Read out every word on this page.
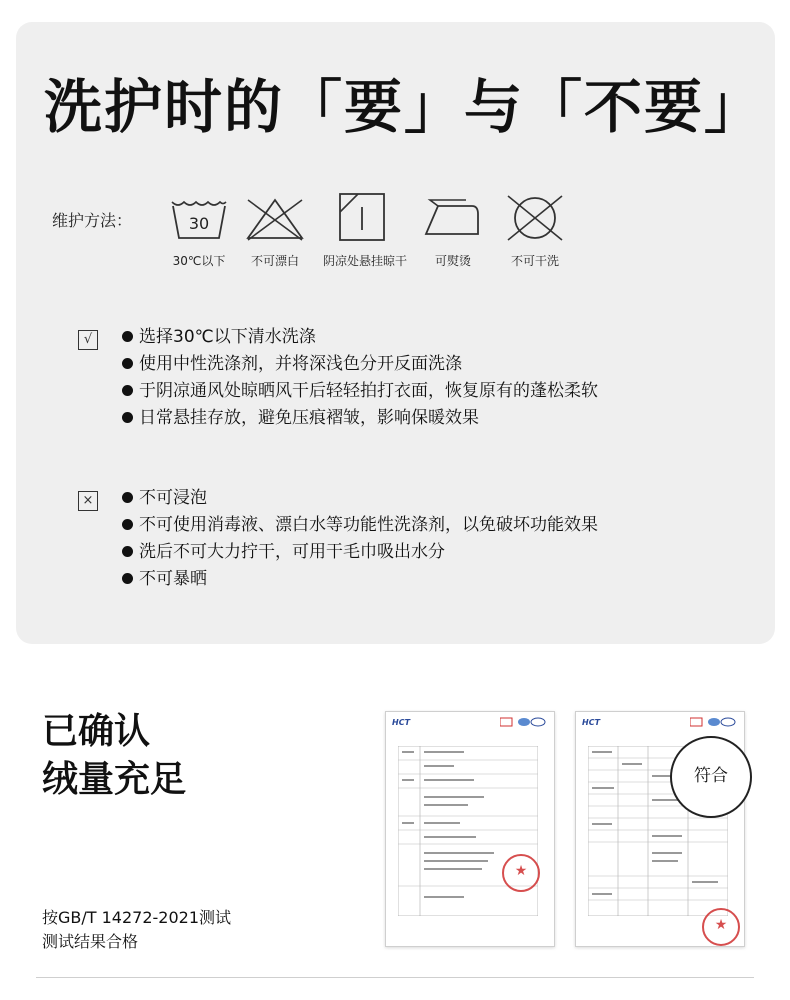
洗护时的「要」与「不要」
维护方法：	30
30℃以下	不可漂白	阴凉处悬挂晾干	可熨烫	不可干洗
√	选择30℃以下清水洗涤
使用中性洗涤剂，并将深浅色分开反面洗涤
于阴凉通风处晾晒风干后轻轻拍打衣面，恢复原有的蓬松柔软
日常悬挂存放，避免压痕褶皱，影响保暖效果
×	不可浸泡
不可使用消毒液、漂白水等功能性洗涤剂，以免破坏功能效果
洗后不可大力拧干，可用干毛巾吸出水分
不可暴晒
已确认
绒量充足
按GB/T 14272-2021测试
测试结果合格
HCT
★
HCT
★
符合
